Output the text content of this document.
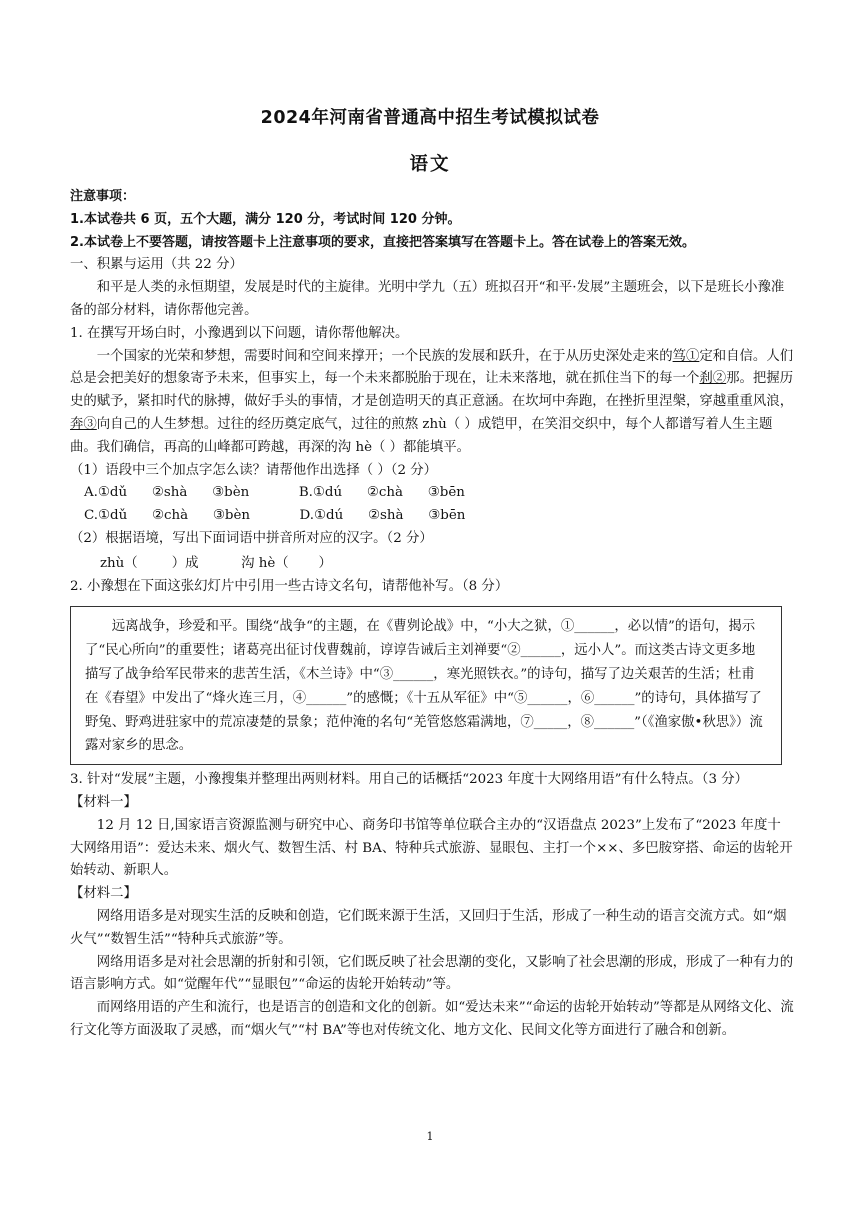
2024年河南省普通高中招生考试模拟试卷
语文

注意事项：

1.本试卷共 6 页，五个大题，满分 120 分，考试时间 120 分钟。

2.本试卷上不要答题，请按答题卡上注意事项的要求，直接把答案填写在答题卡上。答在试卷上的答案无效。

一、积累与运用（共 22 分）

和平是人类的永恒期望，发展是时代的主旋律。光明中学九（五）班拟召开“和平·发展”主题班会，以下是班长小豫准备的部分材料，请你帮他完善。

1. 在撰写开场白时，小豫遇到以下问题，请你帮他解决。

一个国家的光荣和梦想，需要时间和空间来撑开；一个民族的发展和跃升，在于从历史深处走来的笃①定和自信。人们总是会把美好的想象寄予未来，但事实上，每一个未来都脱胎于现在，让未来落地，就在抓住当下的每一个刹②那。把握历史的赋予，紧扣时代的脉搏，做好手头的事情，才是创造明天的真正意涵。在坎坷中奔跑，在挫折里涅槃，穿越重重风浪，奔③向自己的人生梦想。过往的经历奠定底气，过往的煎熬 zhù（ ）成铠甲，在笑泪交织中，每个人都谱写着人生主题曲。我们确信，再高的山峰都可跨越，再深的沟 hè（ ）都能填平。

（1）语段中三个加点字怎么读？请帮他作出选择（ ）（2 分）

A.①dǔ   ②shà   ③bèn      B.①dú   ②chà   ③bēn

C.①dǔ   ②chà   ③bèn      D.①dú   ②shà   ③bēn

（2）根据语境，写出下面词语中拼音所对应的汉字。（2 分）

zhù（        ）成          沟 hè（       ）

2. 小豫想在下面这张幻灯片中引用一些古诗文名句，请帮他补写。（8 分）

远离战争，珍爱和平。围绕“战争“的主题，在《曹刿论战》中，“小大之狱，①______，必以情”的语句，揭示了“民心所向”的重要性；诸葛亮出征讨伐曹魏前，谆谆告诫后主刘禅要“②______，远小人”。而这类古诗文更多地描写了战争给军民带来的悲苦生活，《木兰诗》中“③______，寒光照铁衣。”的诗句，描写了边关艰苦的生活；杜甫在《春望》中发出了“烽火连三月，④______”的感慨；《十五从军征》中“⑤______，⑥______”的诗句，具体描写了野兔、野鸡进驻家中的荒凉凄楚的景象；范仲淹的名句“羌管悠悠霜满地，⑦_____，⑧______”（《渔家傲•秋思》）流露对家乡的思念。

3. 针对“发展”主题，小豫搜集并整理出两则材料。用自己的话概括“2023 年度十大网络用语”有什么特点。（3 分）

【材料一】

12 月 12 日,国家语言资源监测与研究中心、商务印书馆等单位联合主办的“汉语盘点 2023”上发布了“2023 年度十大网络用语”：爱达未来、烟火气、数智生活、村 BA、特种兵式旅游、显眼包、主打一个××、多巴胺穿搭、命运的齿轮开始转动、新职人。

【材料二】

网络用语多是对现实生活的反映和创造，它们既来源于生活，又回归于生活，形成了一种生动的语言交流方式。如“烟火气”“数智生活”“特种兵式旅游”等。

网络用语多是对社会思潮的折射和引领，它们既反映了社会思潮的变化，又影响了社会思潮的形成，形成了一种有力的语言影响方式。如“觉醒年代”“显眼包”“命运的齿轮开始转动”等。

而网络用语的产生和流行，也是语言的创造和文化的创新。如“爱达未来”“命运的齿轮开始转动”等都是从网络文化、流行文化等方面汲取了灵感，而“烟火气”“村 BA”等也对传统文化、地方文化、民间文化等方面进行了融合和创新。

1
